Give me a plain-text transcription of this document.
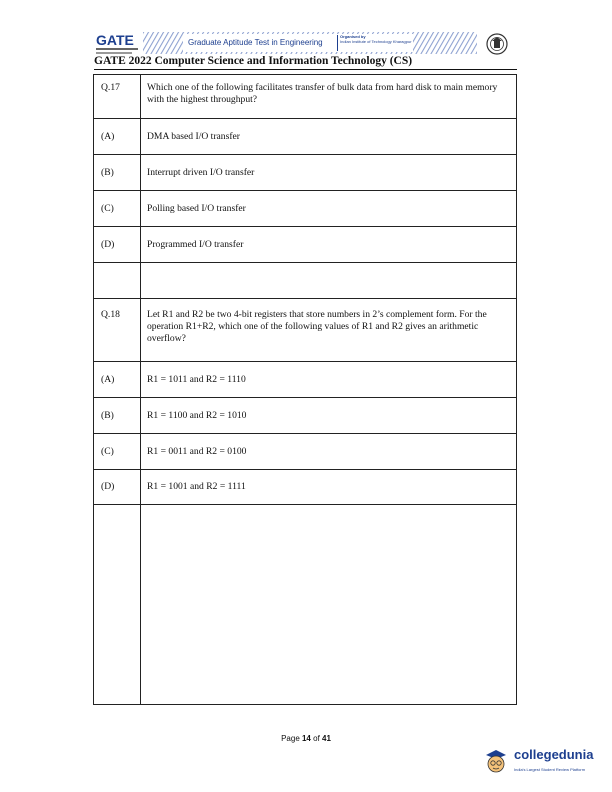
GATE	Graduate Aptitude Test in Engineering
Organised by
Indian Institute of Technology Kharagpur
GATE 2022 Computer Science and Information Technology (CS)
Q.17	Which one of the following facilitates transfer of bulk data from hard disk to main memory with the highest throughput?

(A)	DMA based I/O transfer
(B)	Interrupt driven I/O transfer
(C)	Polling based I/O transfer
(D)	Programmed I/O transfer

Q.18	Let R1 and R2 be two 4-bit registers that store numbers in 2’s complement form. For the operation R1+R2, which one of the following values of R1 and R2 gives an arithmetic overflow?

(A)	R1 = 1011 and R2 = 1110
(B)	R1 = 1100 and R2 = 1010
(C)	R1 = 0011 and R2 = 0100
(D)	R1 = 1001 and R2 = 1111

Page 14 of 41
collegedunia
India's Largest Student Review Platform
